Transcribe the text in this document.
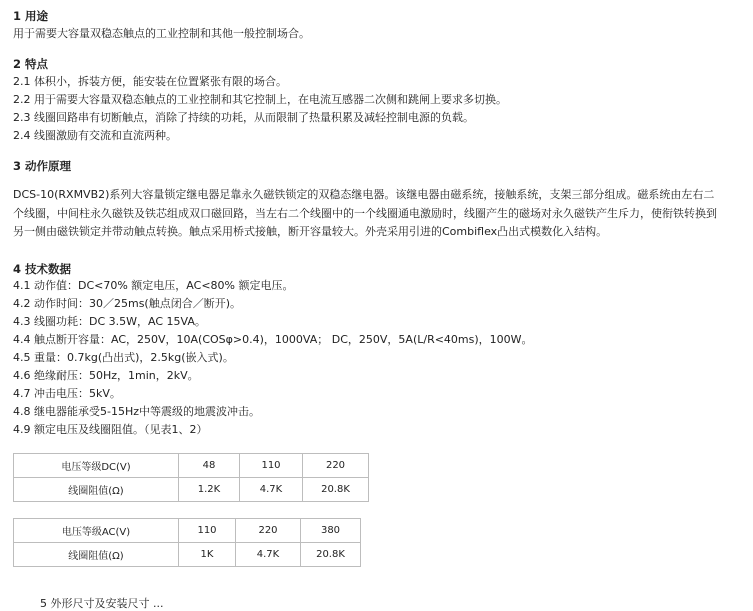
1 用途
用于需要大容量双稳态触点的工业控制和其他一般控制场合。
2 特点
2.1 体积小，拆装方便，能安装在位置紧张有限的场合。
2.2 用于需要大容量双稳态触点的工业控制和其它控制上，在电流互感器二次侧和跳闸上要求多切换。
2.3 线圈回路串有切断触点，消除了持续的功耗，从而限制了热量积累及减轻控制电源的负载。
2.4 线圈激励有交流和直流两种。
3 动作原理
DCS-10(RXMVB2)系列大容量锁定继电器足靠永久磁铁锁定的双稳态继电器。该继电器由磁系统，接触系统，支架三部分组成。磁系统由左右二个线圈，中间柱永久磁铁及铁芯组成双口磁回路，当左右二个线圈中的一个线圈通电激励时，线圈产生的磁场对永久磁铁产生斥力，使衔铁转换到另一侧由磁铁锁定并带动触点转换。触点采用桥式接触，断开容量较大。外壳采用引进的Combiflex凸出式模数化入结构。
4 技术数据
4.1 动作值：DC<70% 额定电压，AC<80% 额定电压。
4.2 动作时间：30／25ms(触点闭合／断开)。
4.3 线圈功耗：DC 3.5W，AC 15VA。
4.4 触点断开容量：AC，250V，10A(COSφ>0.4)，1000VA； DC，250V，5A(L/R<40ms)，100W。
4.5 重量：0.7kg(凸出式)，2.5kg(嵌入式)。
4.6 绝缘耐压：50Hz，1min，2kV。
4.7 冲击电压：5kV。
4.8 继电器能承受5-15Hz中等震级的地震波冲击。
4.9 额定电压及线圈阻值。（见表1、2）
电压等级DC(V)	48	110	220
线圈阻值(Ω)	1.2K	4.7K	20.8K
电压等级AC(V)	110	220	380
线圈阻值(Ω)	1K	4.7K	20.8K
5 外形尺寸及安装尺寸 ...
